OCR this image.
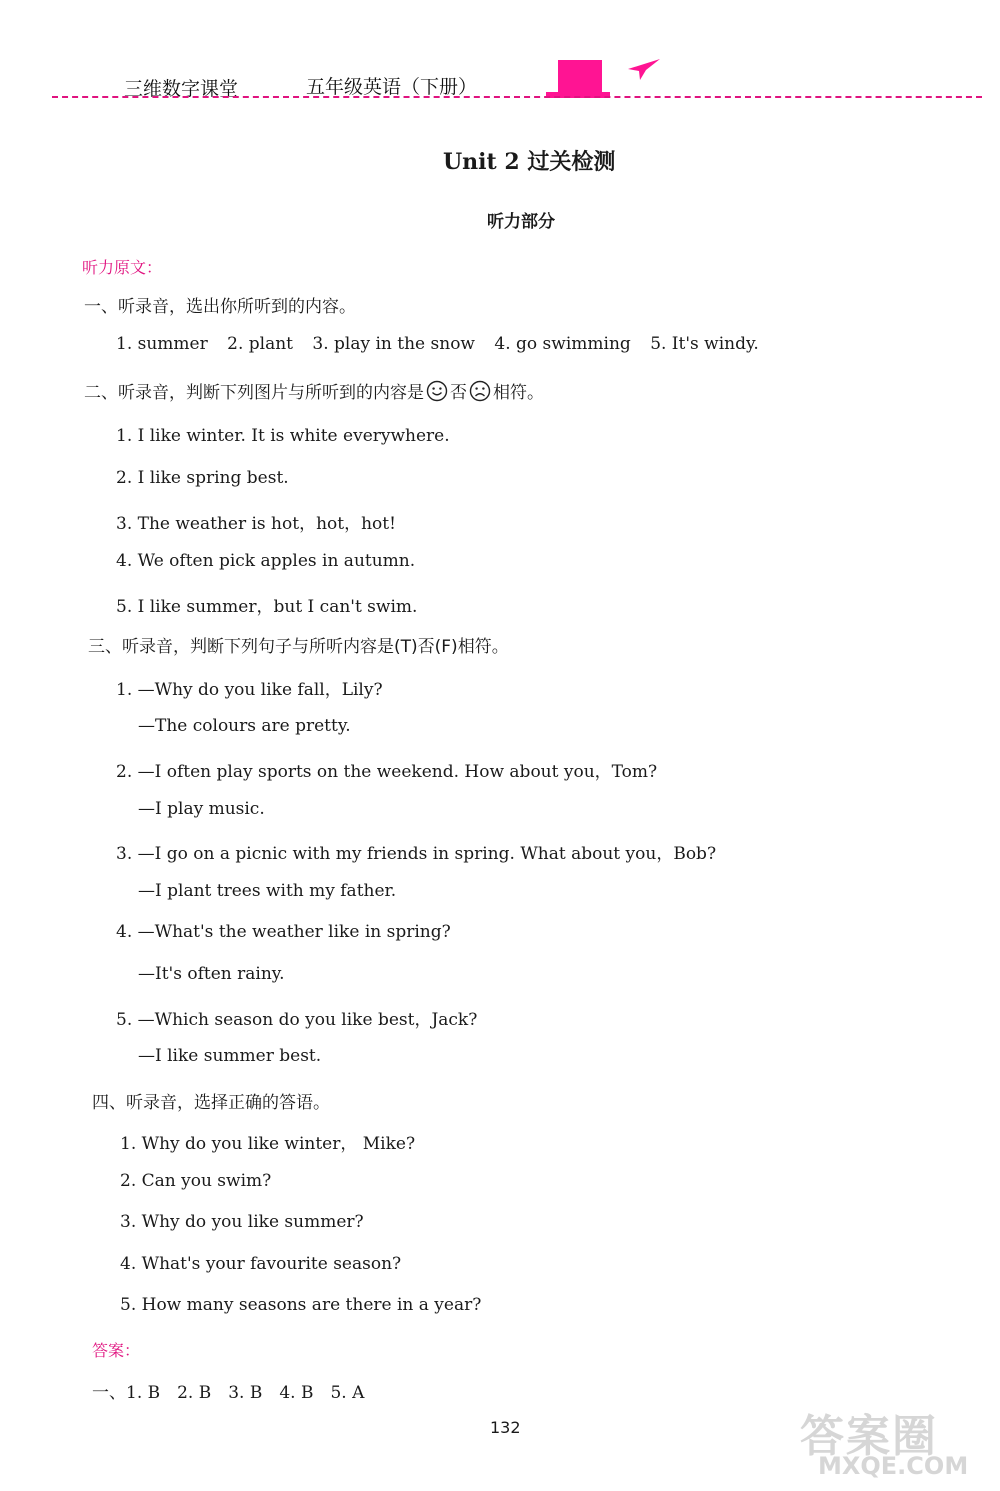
三维数字课堂	五年级英语（下册）
Unit 2 过关检测
听力部分
听力原文：
一、听录音，选出你所听到的内容。
1. summer 2. plant 3. play in the snow 4. go swimming 5. It's windy.
二、听录音，判断下列图片与所听到的内容是 否 相符。
1. I like winter. It is white everywhere.
2. I like spring best.
3. The weather is hot，hot，hot!
4. We often pick apples in autumn.
5. I like summer，but I can't swim.
三、听录音，判断下列句子与所听内容是(T)否(F)相符。
1. —Why do you like fall，Lily?
—The colours are pretty.
2. —I often play sports on the weekend. How about you，Tom?
—I play music.
3. —I go on a picnic with my friends in spring. What about you，Bob?
—I plant trees with my father.
4. —What's the weather like in spring?
—It's often rainy.
5. —Which season do you like best，Jack?
—I like summer best.
四、听录音，选择正确的答语。
1. Why do you like winter， Mike?
2. Can you swim?
3. Why do you like summer?
4. What's your favourite season?
5. How many seasons are there in a year?
答案：
一、1. B　2. B　3. B　4. B　5. A
132	答案圈
MXQE.COM
